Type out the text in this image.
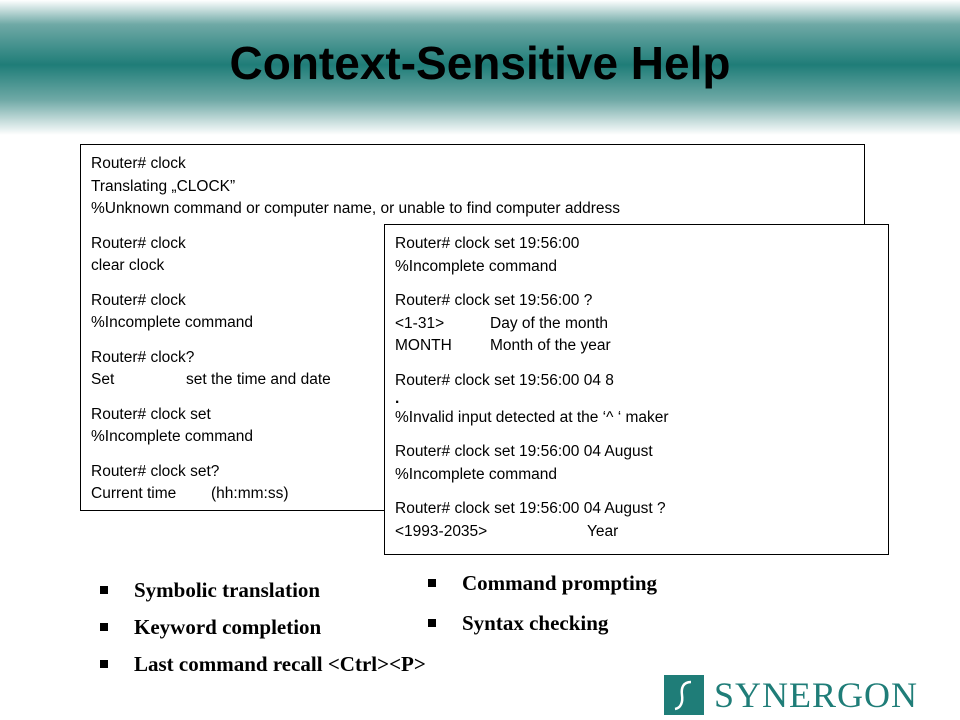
Context-Sensitive Help
Router# clock
Translating „CLOCK”
%Unknown command or computer name, or unable to find computer address
Router# clock
clear clock
Router# clock
%Incomplete command
Router# clock?
Set	set the time and date
Router# clock set
%Incomplete command
Router# clock set?
Current time (hh:mm:ss)
Router# clock set 19:56:00
%Incomplete command
Router# clock set 19:56:00 ?
<1-31>	Day of the month
MONTH Month of the year
Router# clock set 19:56:00 04 8
.
%Invalid input detected at the ‘^ ‘ maker
Router# clock set 19:56:00 04 August
%Incomplete command
Router# clock set 19:56:00 04 August ?
<1993-2035>	Year
Symbolic translation
Keyword completion
Last command recall <Ctrl><P>
Command prompting
Syntax checking
SYNERGON
